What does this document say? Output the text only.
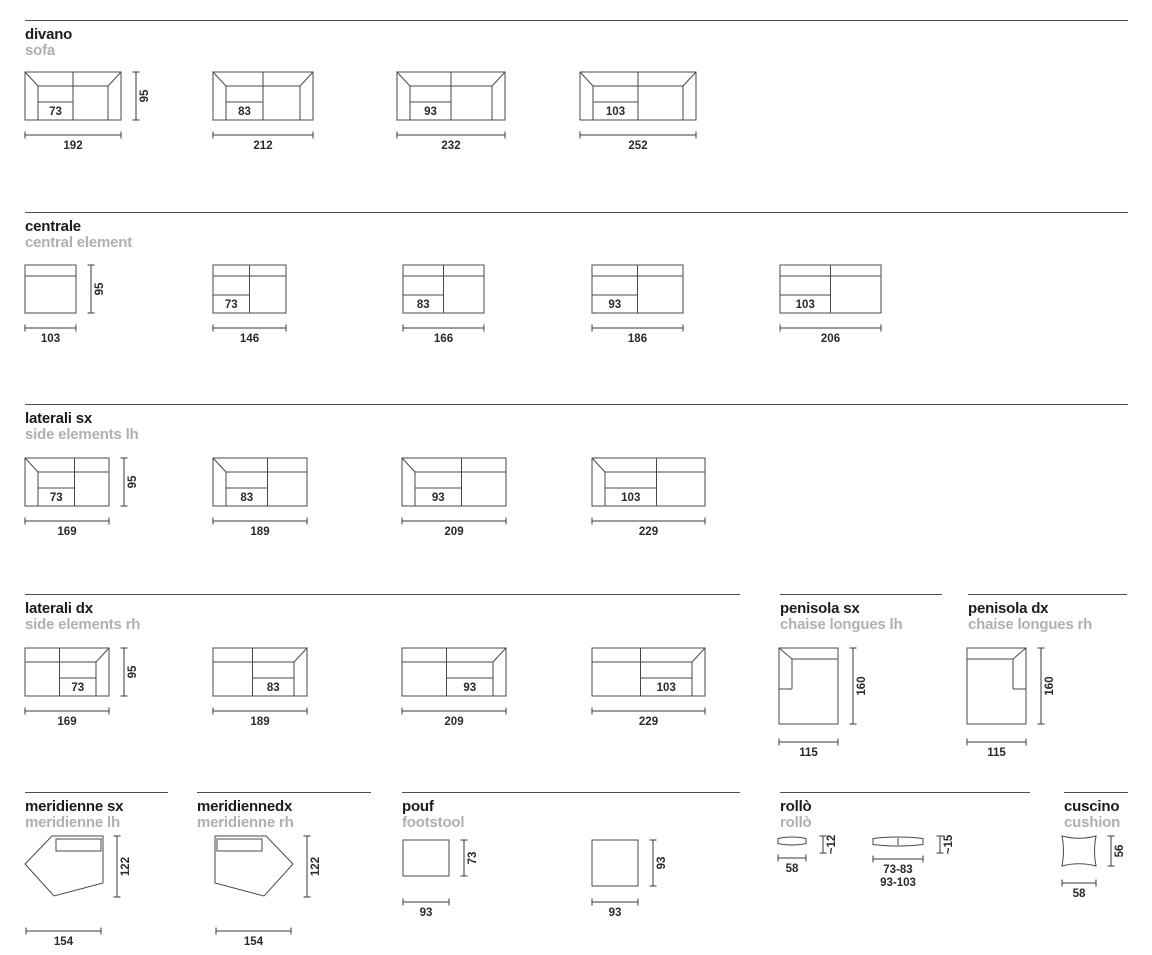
divano
sofa
73
192
95
83
212
93
232
103
252
centrale
central element
103
95
73
146
83
166
93
186
103
206
laterali sx
side elements lh
73
169
95
83
189
93
209
103
229
laterali dx
side elements rh
73
169
95
83
189
93
209
103
229
penisola sx
chaise longues lh
115
160
penisola dx
chaise longues rh
115
160
meridienne sx
meridienne lh
122
154
meridiennedx
meridienne rh
122
154
pouf
footstool
73
93
93
93
rollò
rollò
~12
58
~15
73-83
93-103
cuscino
cushion
56
58
